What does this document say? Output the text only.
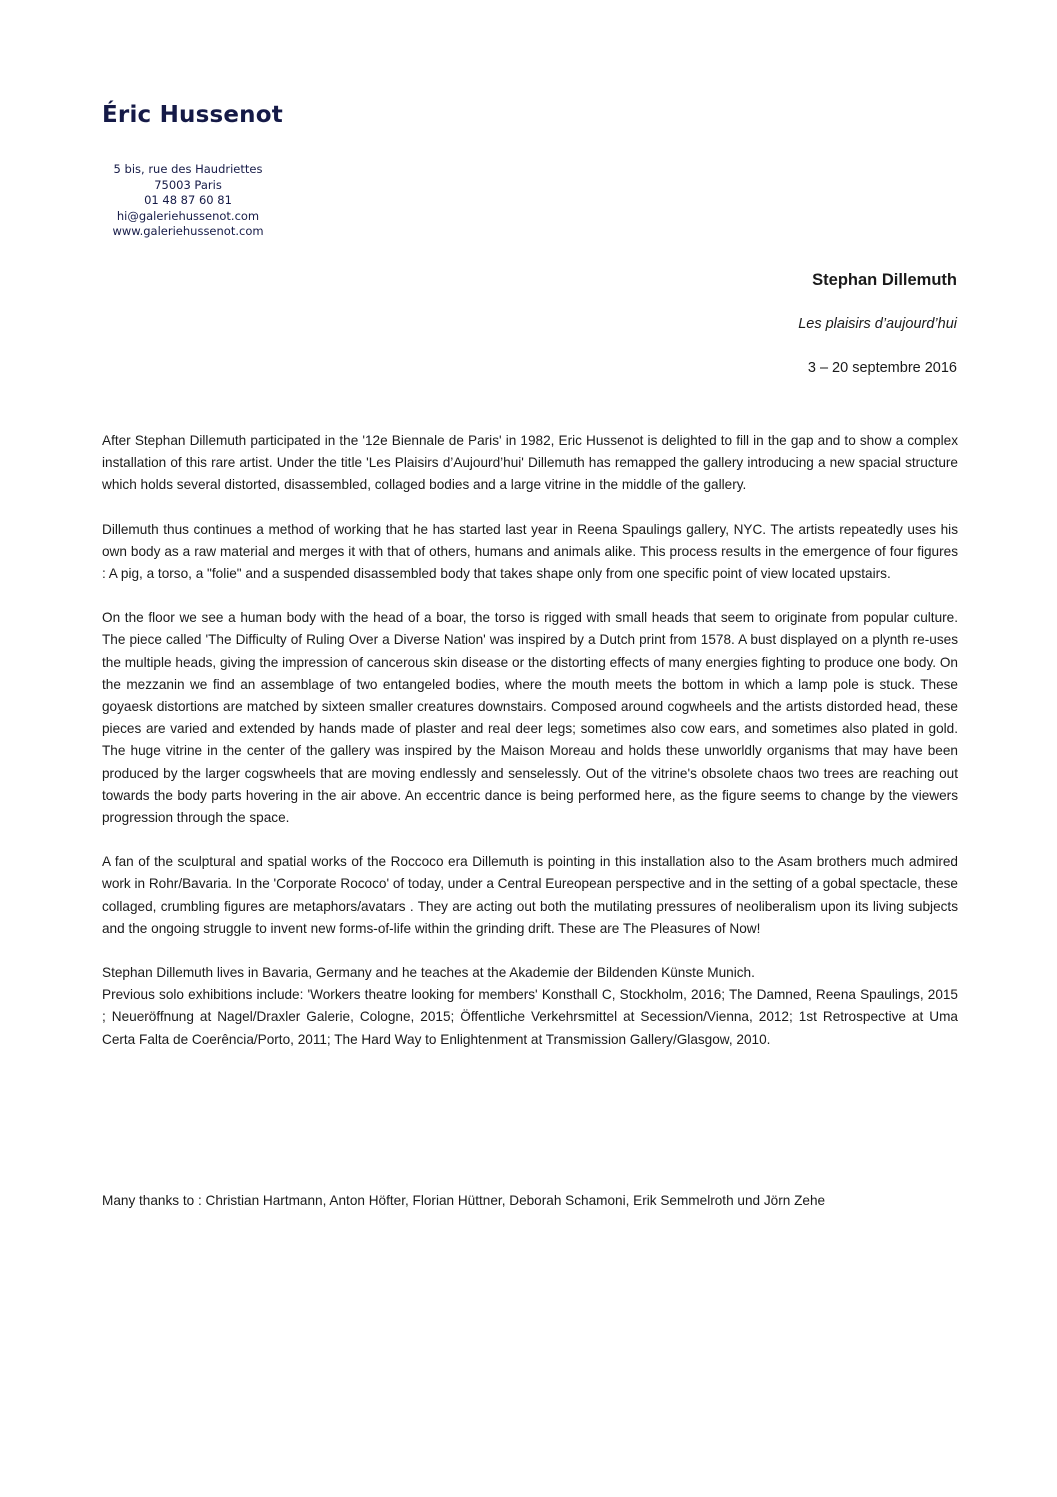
Éric Hussenot
5 bis, rue des Haudriettes
75003 Paris
01 48 87 60 81
hi@galeriehussenot.com
www.galeriehussenot.com
Stephan Dillemuth
Les plaisirs d’aujourd’hui
3 – 20 septembre 2016

After Stephan Dillemuth participated in the '12e Biennale de Paris' in 1982, Eric Hussenot is delighted to fill in the gap and to show a complex installation of this rare artist. Under the title 'Les Plaisirs d’Aujourd’hui' Dillemuth has remapped the gallery introducing a new spacial structure which holds several distorted, disassembled, collaged bodies and a large vitrine in the middle of the gallery.

Dillemuth thus continues a method of working that he has started last year in Reena Spaulings gallery, NYC. The artists repeatedly uses his own body as a raw material and merges it with that of others, humans and animals alike. This process results in the emergence of four figures : A pig, a torso, a "folie" and a suspended disassembled body that takes shape only from one specific point of view located upstairs.

On the floor we see a human body with the head of a boar, the torso is rigged with small heads that seem to originate from popular culture. The piece called 'The Difficulty of Ruling Over a Diverse Nation' was inspired by a Dutch print from 1578. A bust displayed on a plynth re-uses the multiple heads, giving the impression of cancerous skin disease or the distorting effects of many energies fighting to produce one body. On the mezzanin we find an assemblage of two entangeled bodies, where the mouth meets the bottom in which a lamp pole is stuck. These goyaesk distortions are matched by sixteen smaller creatures downstairs. Composed around cogwheels and the artists distorded head, these pieces are varied and extended by hands made of plaster and real deer legs; sometimes also cow ears, and sometimes also plated in gold. The huge vitrine in the center of the gallery was inspired by the Maison Moreau and holds these unworldly organisms that may have been produced by the larger cogswheels that are moving endlessly and senselessly. Out of the vitrine's obsolete chaos two trees are reaching out towards the body parts hovering in the air above. An eccentric dance is being performed here, as the figure seems to change by the viewers progression through the space.

A fan of the sculptural and spatial works of the Roccoco era Dillemuth is pointing in this installation also to the Asam brothers much admired work in Rohr/Bavaria. In the 'Corporate Rococo' of today, under a Central Eureopean perspective and in the setting of a gobal spectacle, these collaged, crumbling figures are metaphors/avatars . They are acting out both the mutilating pressures of neoliberalism upon its living subjects and the ongoing struggle to invent new forms-of-life within the grinding drift. These are The Pleasures of Now!

Stephan Dillemuth lives in Bavaria, Germany and he teaches at the Akademie der Bildenden Künste Munich.

Previous solo exhibitions include: 'Workers theatre looking for members' Konsthall C, Stockholm, 2016; The Damned, Reena Spaulings, 2015 ; Neueröffnung at Nagel/Draxler Galerie, Cologne, 2015; Öffentliche Verkehrsmittel at Secession/Vienna, 2012; 1st Retrospective at Uma Certa Falta de Coerência/Porto, 2011; The Hard Way to Enlightenment at Transmission Gallery/Glasgow, 2010.

Many thanks to : Christian Hartmann, Anton Höfter, Florian Hüttner, Deborah Schamoni, Erik Semmelroth und Jörn Zehe
